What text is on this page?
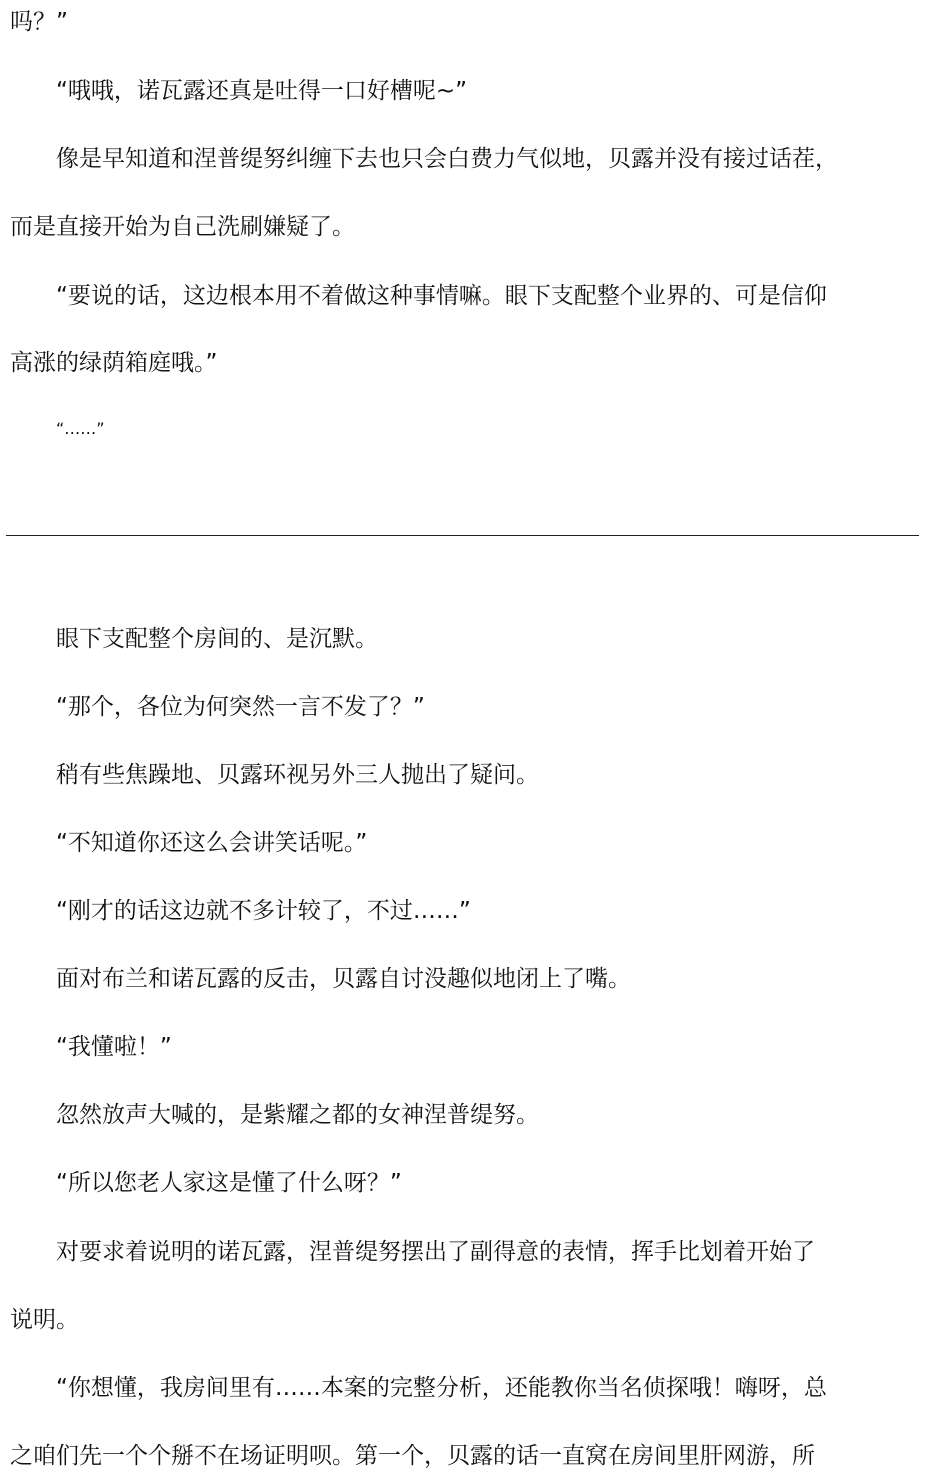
吗？”
“哦哦，诺瓦露还真是吐得一口好槽呢~”
像是早知道和涅普缇努纠缠下去也只会白费力气似地，贝露并没有接过话茬，
而是直接开始为自己洗刷嫌疑了。
“要说的话，这边根本用不着做这种事情嘛。眼下支配整个业界的、可是信仰
高涨的绿荫箱庭哦。”
“……”
眼下支配整个房间的、是沉默。
“那个，各位为何突然一言不发了？”
稍有些焦躁地、贝露环视另外三人抛出了疑问。
“不知道你还这么会讲笑话呢。”
“刚才的话这边就不多计较了，不过……”
面对布兰和诺瓦露的反击，贝露自讨没趣似地闭上了嘴。
“我懂啦！”
忽然放声大喊的，是紫耀之都的女神涅普缇努。
“所以您老人家这是懂了什么呀？”
对要求着说明的诺瓦露，涅普缇努摆出了副得意的表情，挥手比划着开始了
说明。
“你想懂，我房间里有……本案的完整分析，还能教你当名侦探哦！嗨呀，总
之咱们先一个个掰不在场证明呗。第一个，贝露的话一直窝在房间里肝网游，所
